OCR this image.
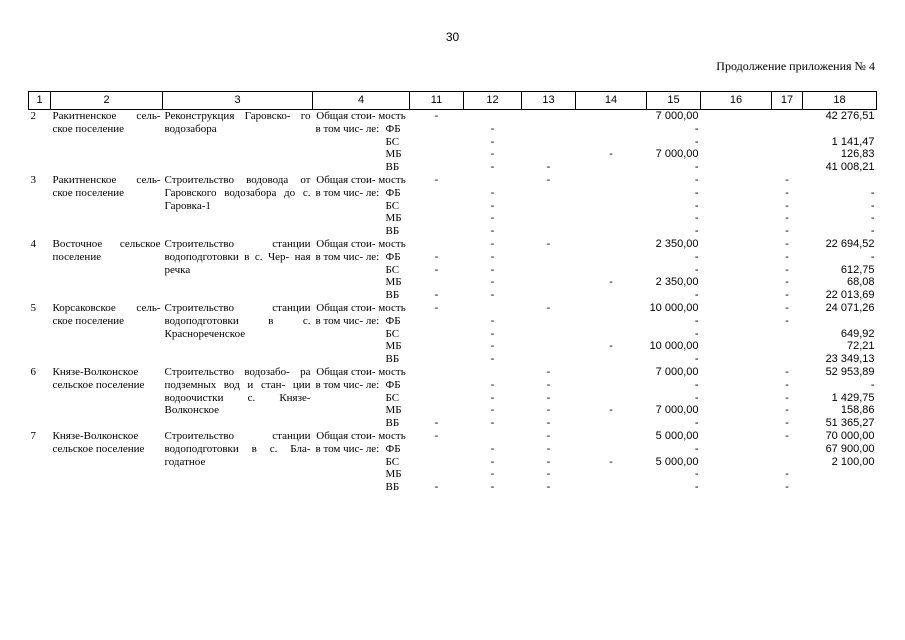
30
Продолжение приложения № 4
1	2	3	4	11	12	13	14	15	16	17	18
2	Ракитненское сель- ское поселение	Реконструкция Гаровско- го водозабора	Общая стои- мость	-				7 000,00			42 276,51
			в том чис- ле: ФБ		-			-			

			БС		-			-			1 141,47

			МБ		-		-	7 000,00			126,83

			ВБ		-	-		-			41 008,21
3	Ракитненское сель- ское поселение	Строительство водовода от Гаровского водозабора до с. Гаровка-1	Общая стои- мость	-		-		-		-	
			в том чис- ле: ФБ		-			-		-	-

			БС		-			-		-	-

			МБ		-			-		-	-

			ВБ		-			-		-	-
4	Восточное сельское поселение	Строительство станции водоподготовки в с. Чер- ная речка	Общая стои- мость		-	-		2 350,00		-	22 694,52
			в том чис- ле: ФБ	-	-			-		-	-

			БС	-	-			-		-	612,75

			МБ		-		-	2 350,00		-	68,08

			ВБ	-	-			-		-	22 013,69
5	Корсаковское сель- ское поселение	Строительство станции водоподготовки в с. Краснореченское	Общая стои- мость	-		-		10 000,00		-	24 071,26
			в том чис- ле: ФБ		-			-		-	

			БС		-			-			649,92

			МБ		-		-	10 000,00			72,21

			ВБ		-			-			23 349,13
6	Князе-Волконское сельское поселение	Строительство водозабо- ра подземных вод и стан- ции водоочистки с. Князе- Волконское	Общая стои- мость			-		7 000,00		-	52 953,89
			в том чис- ле: ФБ		-	-		-		-	-

			БС		-	-		-		-	1 429,75

			МБ		-	-	-	7 000,00		-	158,86

			ВБ	-	-	-		-		-	51 365,27
7	Князе-Волконское сельское поселение	Строительство станции водоподготовки в с. Бла- годатное	Общая стои- мость	-		-		5 000,00		-	70 000,00
			в том чис- ле: ФБ		-	-		-			67 900,00

			БС		-	-	-	5 000,00			2 100,00

			МБ		-	-		-		-	

			ВБ	-	-	-		-		-	
